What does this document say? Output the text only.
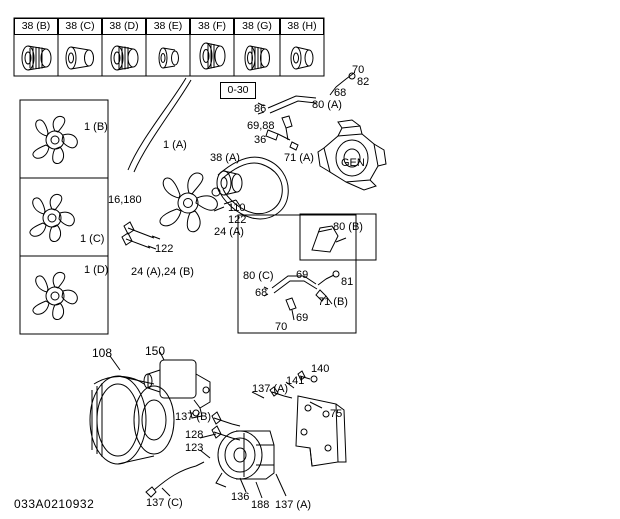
38 (B)	38 (C)	38 (D)	38 (E)	38 (F)	38 (G)	38 (H)
1 (B)
1 (C)
1 (D)
0-30
70
82
86	80 (A)
68
69,88
36
71 (A) GEN.
1 (A)
38 (A)
16,180
110
122
24 (A)
122
24 (A),24 (B)
80 (B)
80 (C) 69
81
68
71 (B)
69
70
108	150
140
141
137 (A)
75
137 (B)
128
123
136
188 137 (A)
137 (C)
033A0210932
